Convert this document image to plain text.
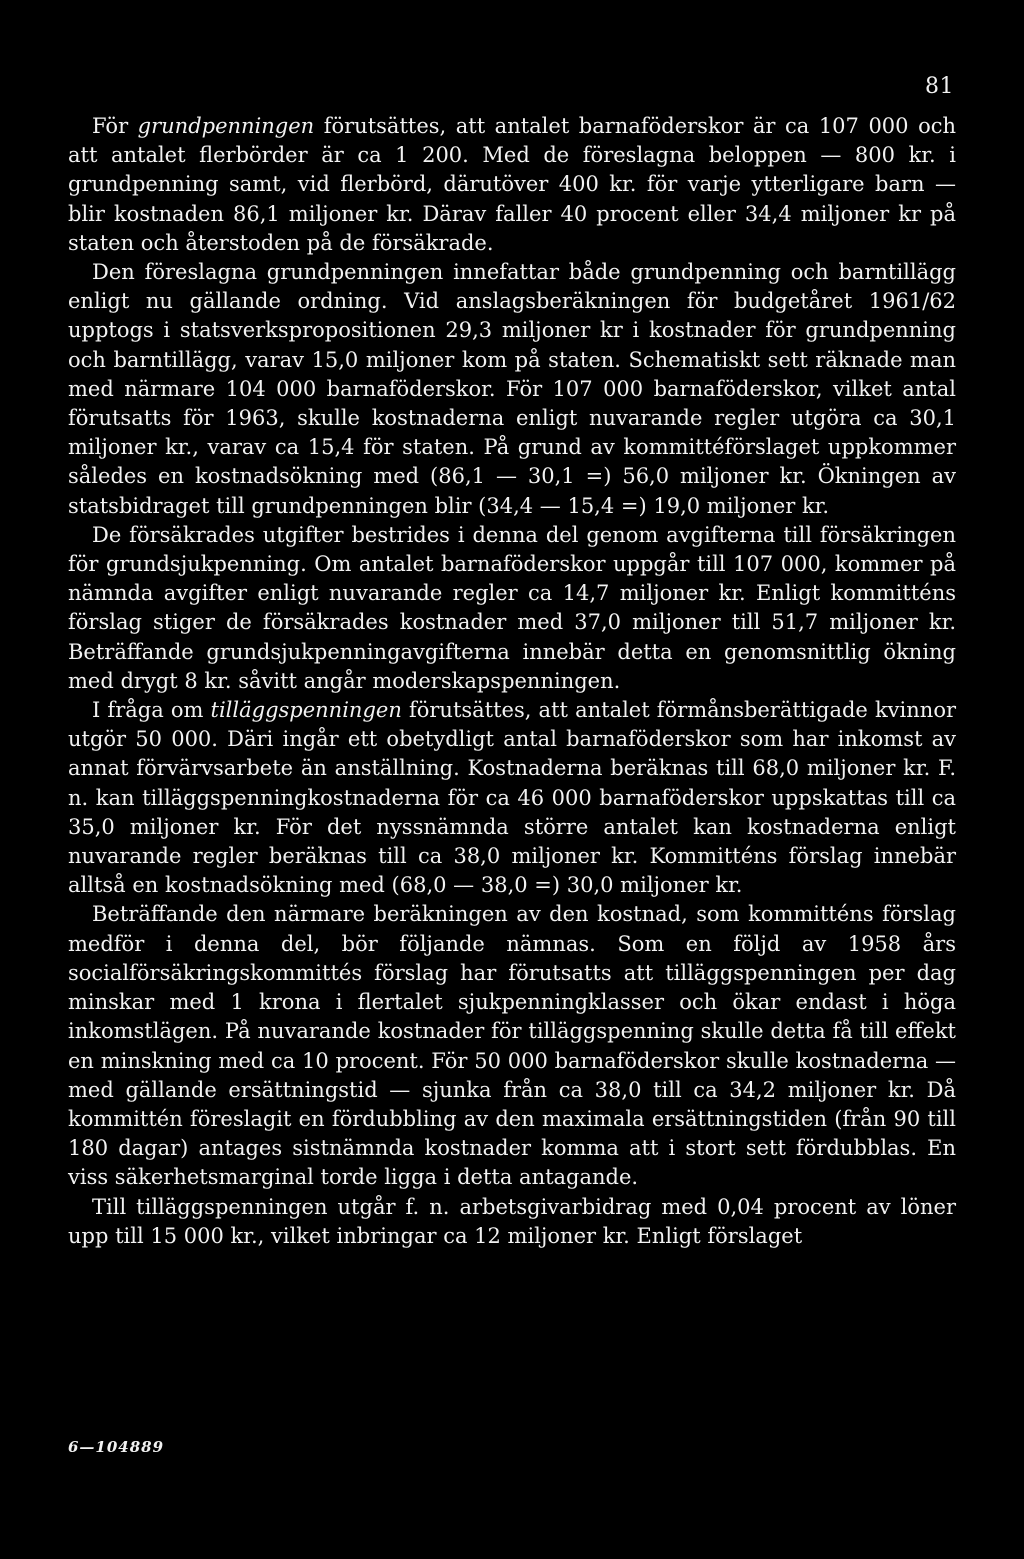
81

För grundpenningen förutsättes, att antalet barnaföderskor är ca 107 000 och att antalet flerbörder är ca 1 200. Med de föreslagna beloppen — 800 kr. i grundpenning samt, vid flerbörd, därutöver 400 kr. för varje ytterligare barn — blir kostnaden 86,1 miljoner kr. Därav faller 40 procent eller 34,4 miljoner kr på staten och återstoden på de försäkrade.

Den föreslagna grundpenningen innefattar både grundpenning och barntillägg enligt nu gällande ordning. Vid anslagsberäkningen för budgetåret 1961/62 upptogs i statsverkspropositionen 29,3 miljoner kr i kostnader för grundpenning och barntillägg, varav 15,0 miljoner kom på staten. Schematiskt sett räknade man med närmare 104 000 barnaföderskor. För 107 000 barnaföderskor, vilket antal förutsatts för 1963, skulle kostnaderna enligt nuvarande regler utgöra ca 30,1 miljoner kr., varav ca 15,4 för staten. På grund av kommittéförslaget uppkommer således en kostnadsökning med (86,1 — 30,1 =) 56,0 miljoner kr. Ökningen av statsbidraget till grundpenningen blir (34,4 — 15,4 =) 19,0 miljoner kr.

De försäkrades utgifter bestrides i denna del genom avgifterna till försäkringen för grundsjukpenning. Om antalet barnaföderskor uppgår till 107 000, kommer på nämnda avgifter enligt nuvarande regler ca 14,7 miljoner kr. Enligt kommitténs förslag stiger de försäkrades kostnader med 37,0 miljoner till 51,7 miljoner kr. Beträffande grundsjukpenningavgifterna innebär detta en genomsnittlig ökning med drygt 8 kr. såvitt angår moderskapspenningen.

I fråga om tilläggspenningen förutsättes, att antalet förmånsberättigade kvinnor utgör 50 000. Däri ingår ett obetydligt antal barnaföderskor som har inkomst av annat förvärvsarbete än anställning. Kostnaderna beräknas till 68,0 miljoner kr. F. n. kan tilläggspenningkostnaderna för ca 46 000 barnaföderskor uppskattas till ca 35,0 miljoner kr. För det nyssnämnda större antalet kan kostnaderna enligt nuvarande regler beräknas till ca 38,0 miljoner kr. Kommitténs förslag innebär alltså en kostnadsökning med (68,0 — 38,0 =) 30,0 miljoner kr.

Beträffande den närmare beräkningen av den kostnad, som kommitténs förslag medför i denna del, bör följande nämnas. Som en följd av 1958 års socialförsäkringskommittés förslag har förutsatts att tilläggspenningen per dag minskar med 1 krona i flertalet sjukpenningklasser och ökar endast i höga inkomstlägen. På nuvarande kostnader för tilläggspenning skulle detta få till effekt en minskning med ca 10 procent. För 50 000 barnaföderskor skulle kostnaderna — med gällande ersättningstid — sjunka från ca 38,0 till ca 34,2 miljoner kr. Då kommittén föreslagit en fördubbling av den maximala ersättningstiden (från 90 till 180 dagar) antages sistnämnda kostnader komma att i stort sett fördubblas. En viss säkerhetsmarginal torde ligga i detta antagande.

Till tilläggspenningen utgår f. n. arbetsgivarbidrag med 0,04 procent av löner upp till 15 000 kr., vilket inbringar ca 12 miljoner kr. Enligt förslaget

6—104889
